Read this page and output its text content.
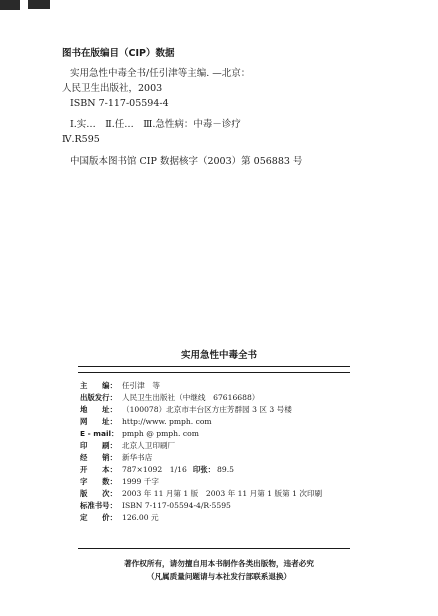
图书在版编目（CIP）数据
实用急性中毒全书/任引津等主编. —北京：
人民卫生出版社，2003
ISBN 7-117-05594-4
Ⅰ.实…　Ⅱ.任…　Ⅲ.急性病：中毒－诊疗
Ⅳ.R595
中国版本图书馆 CIP 数据核字（2003）第 056883 号
实用急性中毒全书
主　　编： 任引津　等
出版发行： 人民卫生出版社（中继线　67616688）
地　　址： （100078）北京市丰台区方庄芳群园 3 区 3 号楼
网　　址： http://www. pmph. com
E - mail： pmph @ pmph. com
印　　刷： 北京人卫印刷厂
经　　销： 新华书店
开　　本： 787×1092　1/16 印张： 89.5
字　　数： 1999 千字
版　　次： 2003 年 11 月第 1 版　2003 年 11 月第 1 版第 1 次印刷
标准书号： ISBN 7-117-05594-4/R·5595
定　　价： 126.00 元
著作权所有，请勿擅自用本书制作各类出版物，违者必究
（凡属质量问题请与本社发行部联系退换）
